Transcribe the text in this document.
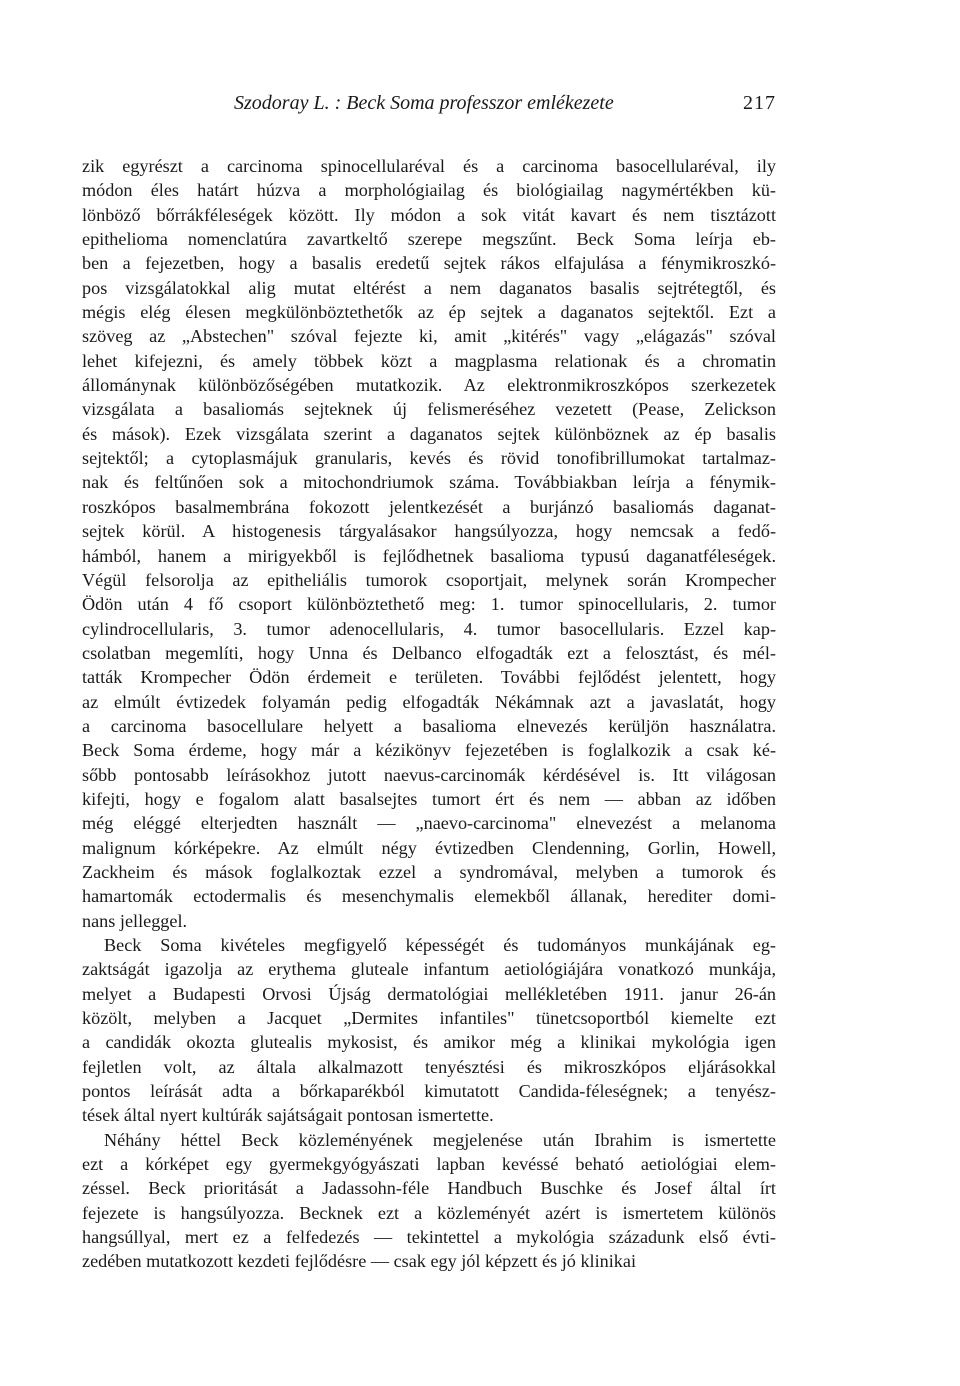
Szodoray L. : Beck Soma professzor emlékezete	217

zik egyrészt a carcinoma spinocellularéval és a carcinoma basocellularéval, ily
módon éles határt húzva a morphológiailag és biológiailag nagymértékben kü-
lönböző bőrrákféleségek között. Ily módon a sok vitát kavart és nem tisztázott
epithelioma nomenclatúra zavartkeltő szerepe megszűnt. Beck Soma leírja eb-
ben a fejezetben, hogy a basalis eredetű sejtek rákos elfajulása a fénymikroszkó-
pos vizsgálatokkal alig mutat eltérést a nem daganatos basalis sejtrétegtől, és
mégis elég élesen megkülönböztethetők az ép sejtek a daganatos sejtektől. Ezt a
szöveg az „Abstechen" szóval fejezte ki, amit „kitérés" vagy „elágazás" szóval
lehet kifejezni, és amely többek közt a magplasma relationak és a chromatin
állománynak különbözőségében mutatkozik. Az elektronmikroszkópos szerkezetek
vizsgálata a basaliomás sejteknek új felismeréséhez vezetett (Pease, Zelickson
és mások). Ezek vizsgálata szerint a daganatos sejtek különböznek az ép basalis
sejtektől; a cytoplasmájuk granularis, kevés és rövid tonofibrillumokat tartalmaz-
nak és feltűnően sok a mitochondriumok száma. Továbbiakban leírja a fénymik-
roszkópos basalmembrána fokozott jelentkezését a burjánzó basaliomás daganat-
sejtek körül. A histogenesis tárgyalásakor hangsúlyozza, hogy nemcsak a fedő-
hámból, hanem a mirigyekből is fejlődhetnek basalioma typusú daganatféleségek.
Végül felsorolja az epitheliális tumorok csoportjait, melynek során Krompecher
Ödön után 4 fő csoport különböztethető meg: 1. tumor spinocellularis, 2. tumor
cylindrocellularis, 3. tumor adenocellularis, 4. tumor basocellularis. Ezzel kap-
csolatban megemlíti, hogy Unna és Delbanco elfogadták ezt a felosztást, és mél-
tatták Krompecher Ödön érdemeit e területen. További fejlődést jelentett, hogy
az elmúlt évtizedek folyamán pedig elfogadták Nékámnak azt a javaslatát, hogy
a carcinoma basocellulare helyett a basalioma elnevezés kerüljön használatra.
Beck Soma érdeme, hogy már a kézikönyv fejezetében is foglalkozik a csak ké-
sőbb pontosabb leírásokhoz jutott naevus-carcinomák kérdésével is. Itt világosan
kifejti, hogy e fogalom alatt basalsejtes tumort ért és nem — abban az időben
még eléggé elterjedten használt — „naevo-carcinoma" elnevezést a melanoma
malignum kórképekre. Az elmúlt négy évtizedben Clendenning, Gorlin, Howell,
Zackheim és mások foglalkoztak ezzel a syndromával, melyben a tumorok és
hamartomák ectodermalis és mesenchymalis elemekből állanak, herediter domi-
nans jelleggel.

Beck Soma kivételes megfigyelő képességét és tudományos munkájának eg-
zaktságát igazolja az erythema gluteale infantum aetiológiájára vonatkozó munkája,
melyet a Budapesti Orvosi Újság dermatológiai mellékletében 1911. janur 26-án
közölt, melyben a Jacquet „Dermites infantiles" tünetcsoportból kiemelte ezt
a candidák okozta glutealis mykosist, és amikor még a klinikai mykológia igen
fejletlen volt, az általa alkalmazott tenyésztési és mikroszkópos eljárásokkal
pontos leírását adta a bőrkaparékból kimutatott Candida-féleségnek; a tenyész-
tések által nyert kultúrák sajátságait pontosan ismertette.

Néhány héttel Beck közleményének megjelenése után Ibrahim is ismertette
ezt a kórképet egy gyermekgyógyászati lapban kevéssé beható aetiológiai elem-
zéssel. Beck prioritását a Jadassohn-féle Handbuch Buschke és Josef által írt
fejezete is hangsúlyozza. Becknek ezt a közleményét azért is ismertetem különös
hangsúllyal, mert ez a felfedezés — tekintettel a mykológia századunk első évti-
zedében mutatkozott kezdeti fejlődésre — csak egy jól képzett és jó klinikai
